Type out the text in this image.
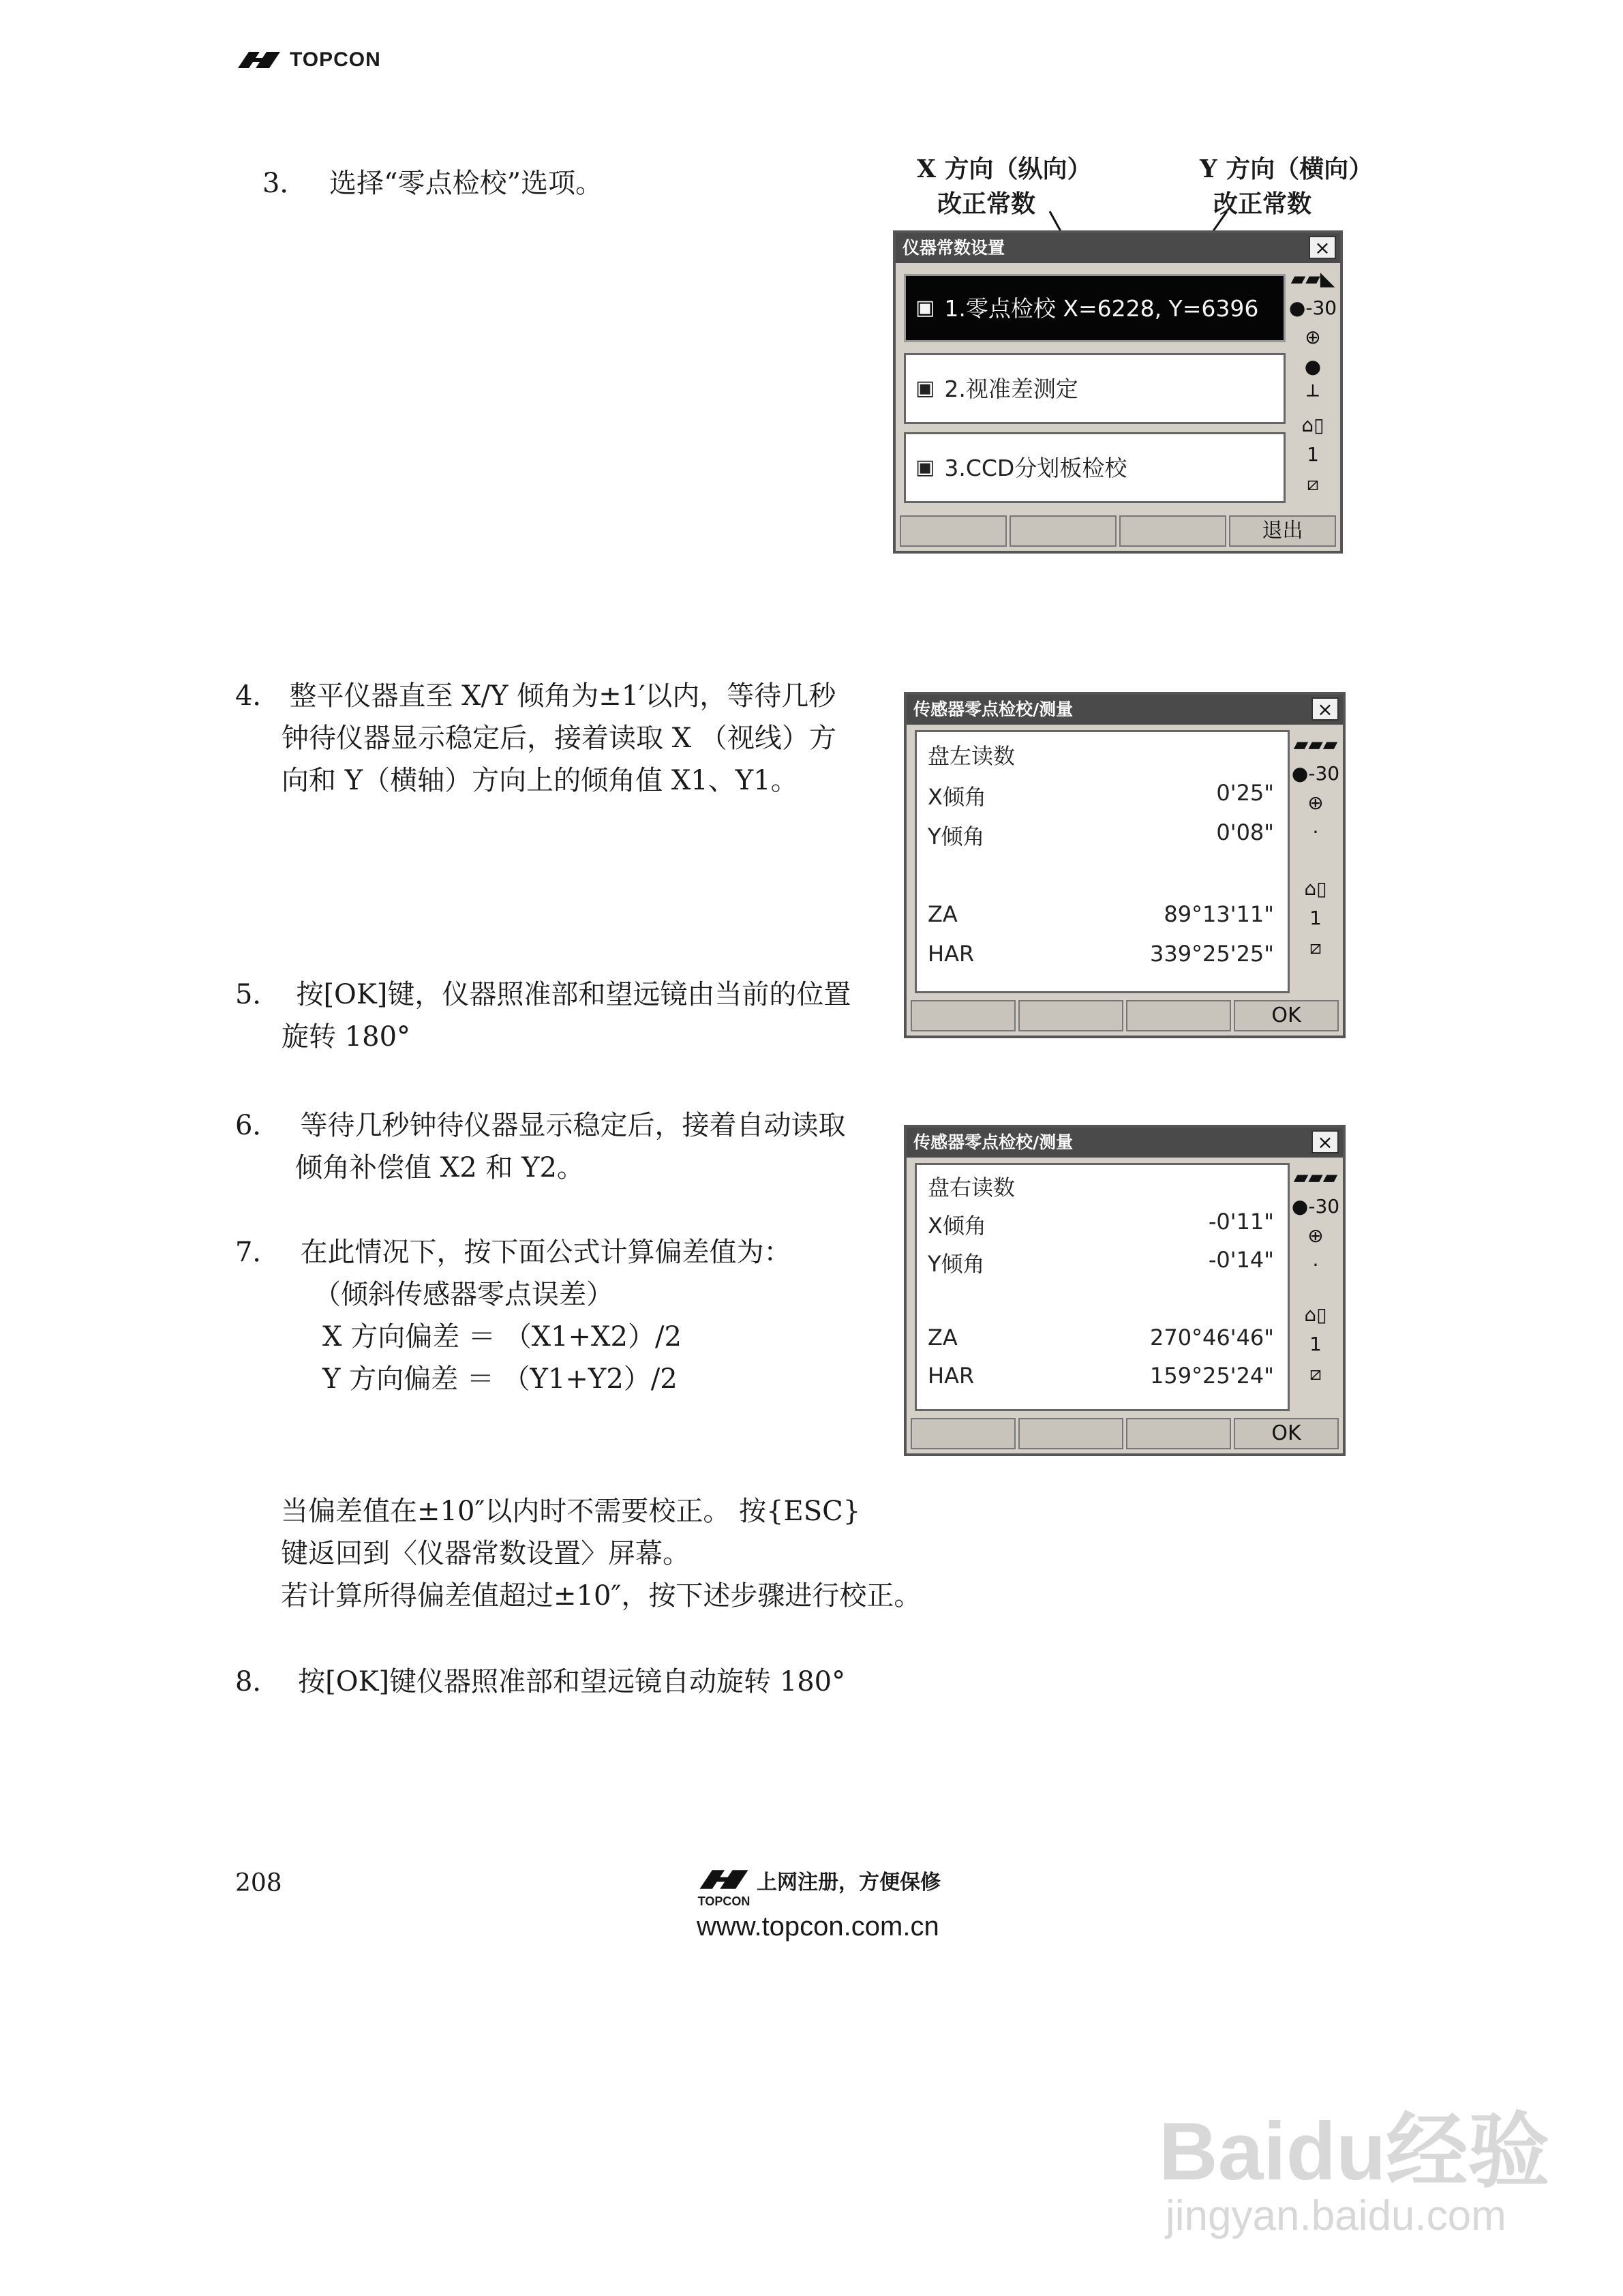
TOPCON
3． 选择“零点检校”选项。	X 方向（纵向）
改正常数
Y 方向（横向）
改正常数
仪器常数设置	×
▣ 1.零点检校 X=6228, Y=6396
▣ 2.视准差测定
▣ 3.CCD分划板检校
▰▰◣
●-30
⊕
●
┴
⌂▯
1
⧄
退出
4． 整平仪器直至 X/Y 倾角为±1′以内，等待几秒
钟待仪器显示稳定后，接着读取 X （视线）方
向和 Y（横轴）方向上的倾角值 X1、Y1。
传感器零点检校/测量	×
盘左读数
X倾角	0'25"
Y倾角	0'08"
ZA	89°13'11"
HAR	339°25'25"
▰▰▰
●-30
⊕
·
⌂▯
1
⧄
OK
5． 按[OK]键，仪器照准部和望远镜由当前的位置
旋转 180°
6． 等待几秒钟待仪器显示稳定后，接着自动读取
倾角补偿值 X2 和 Y2。
7． 在此情况下，按下面公式计算偏差值为：
（倾斜传感器零点误差）
X 方向偏差 ＝ （X1+X2）/2
Y 方向偏差 ＝ （Y1+Y2）/2
传感器零点检校/测量	×
盘右读数
X倾角	-0'11"
Y倾角	-0'14"
ZA	270°46'46"
HAR	159°25'24"
▰▰▰
●-30
⊕
·
⌂▯
1
⧄
OK
当偏差值在±10″以内时不需要校正。 按{ESC}
键返回到〈仪器常数设置〉屏幕。
若计算所得偏差值超过±10″，按下述步骤进行校正。
8． 按[OK]键仪器照准部和望远镜自动旋转 180°
208
TOPCON
上网注册，方便保修
www.topcon.com.cn
Baidu经验
jingyan.baidu.com
